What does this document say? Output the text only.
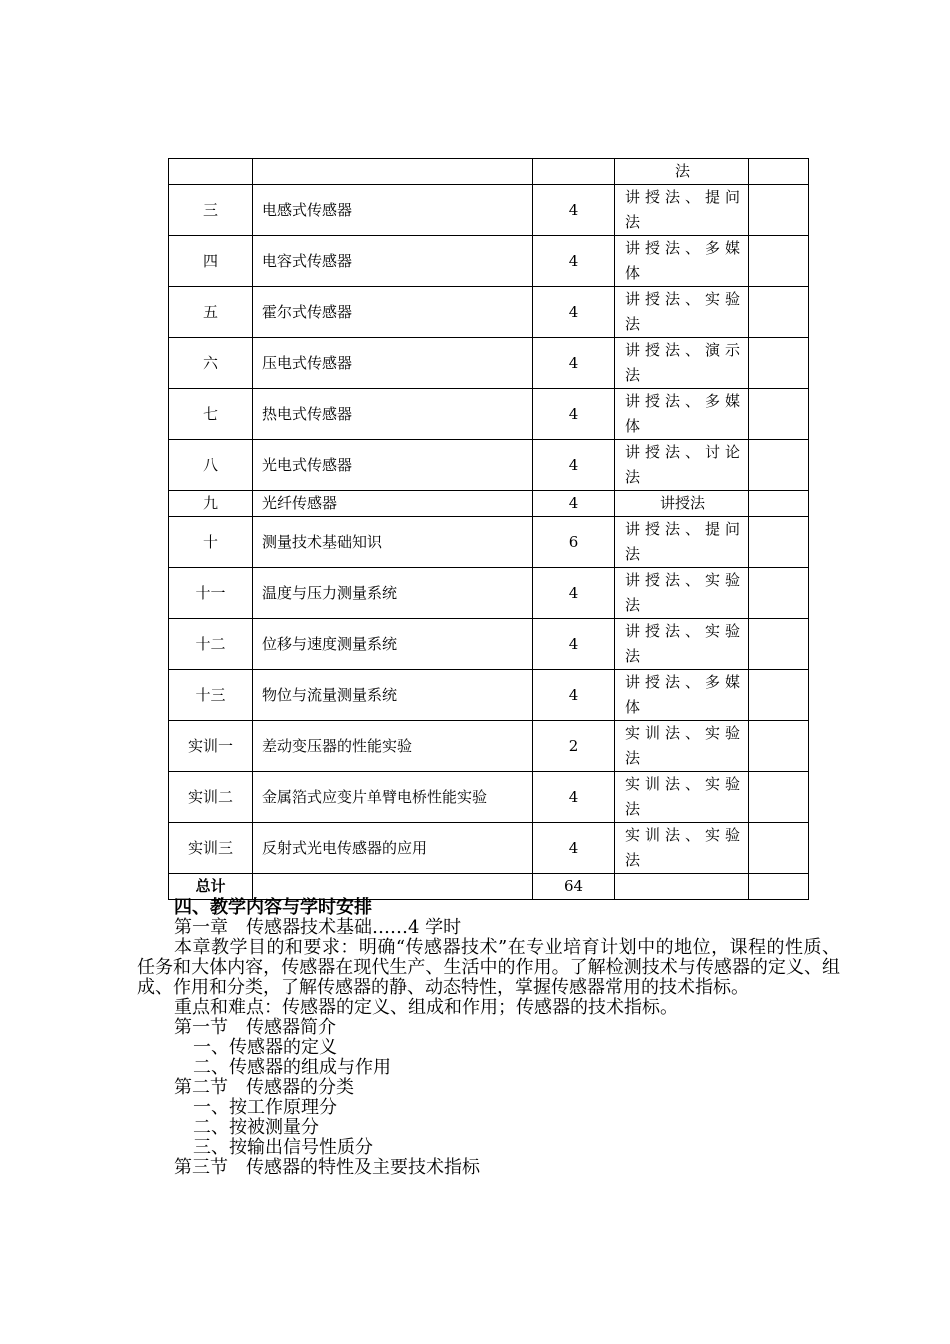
			法	

三	电感式传感器	4	讲授法、提问
法	

四	电容式传感器	4	讲授法、多媒
体	

五	霍尔式传感器	4	讲授法、实验
法	

六	压电式传感器	4	讲授法、演示
法	

七	热电式传感器	4	讲授法、多媒
体	

八	光电式传感器	4	讲授法、讨论
法	

九	光纤传感器	4	讲授法	

十	测量技术基础知识	6	讲授法、提问
法	

十一	温度与压力测量系统	4	讲授法、实验
法	

十二	位移与速度测量系统	4	讲授法、实验
法	

十三	物位与流量测量系统	4	讲授法、多媒
体	

实训一	差动变压器的性能实验	2	实训法、实验
法	

实训二	金属箔式应变片单臂电桥性能实验	4	实训法、实验
法	

实训三	反射式光电传感器的应用	4	实训法、实验
法	

总计		64		

四、教学内容与学时安排

第一章　传感器技术基础……4 学时

本章教学目的和要求：明确“传感器技术”在专业培育计划中的地位，课程的性质、任务和大体内容，传感器在现代生产、生活中的作用。了解检测技术与传感器的定义、组成、作用和分类，了解传感器的静、动态特性，掌握传感器常用的技术指标。

重点和难点：传感器的定义、组成和作用；传感器的技术指标。

第一节　传感器简介

一、传感器的定义

二、传感器的组成与作用

第二节　传感器的分类

一、按工作原理分

二、按被测量分

三、按输出信号性质分

第三节　传感器的特性及主要技术指标
